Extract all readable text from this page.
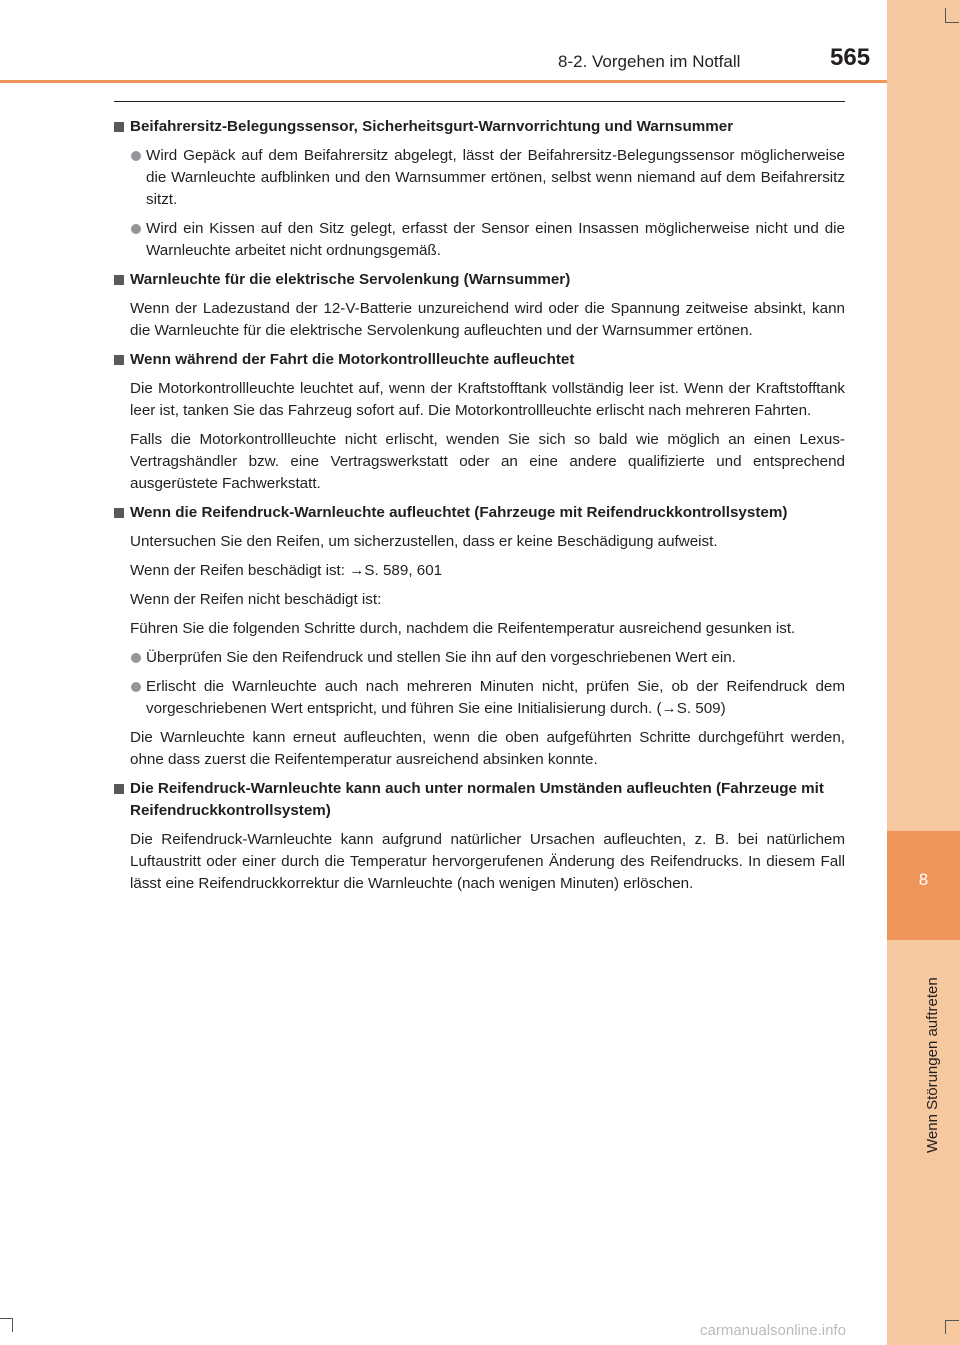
8
Wenn Störungen auftreten
8-2. Vorgehen im Notfall	565
Beifahrersitz-Belegungssensor, Sicherheitsgurt-Warnvorrichtung und Warnsummer
Wird Gepäck auf dem Beifahrersitz abgelegt, lässt der Beifahrersitz-Belegungssensor möglicherweise die Warnleuchte aufblinken und den Warnsummer ertönen, selbst wenn niemand auf dem Beifahrersitz sitzt.
Wird ein Kissen auf den Sitz gelegt, erfasst der Sensor einen Insassen möglicherweise nicht und die Warnleuchte arbeitet nicht ordnungsgemäß.
Warnleuchte für die elektrische Servolenkung (Warnsummer)
Wenn der Ladezustand der 12-V-Batterie unzureichend wird oder die Spannung zeitweise absinkt, kann die Warnleuchte für die elektrische Servolenkung aufleuchten und der Warnsummer ertönen.
Wenn während der Fahrt die Motorkontrollleuchte aufleuchtet
Die Motorkontrollleuchte leuchtet auf, wenn der Kraftstofftank vollständig leer ist. Wenn der Kraftstofftank leer ist, tanken Sie das Fahrzeug sofort auf. Die Motorkontrollleuchte erlischt nach mehreren Fahrten.
Falls die Motorkontrollleuchte nicht erlischt, wenden Sie sich so bald wie möglich an einen Lexus-Vertragshändler bzw. eine Vertragswerkstatt oder an eine andere qualifizierte und entsprechend ausgerüstete Fachwerkstatt.
Wenn die Reifendruck-Warnleuchte aufleuchtet (Fahrzeuge mit Reifendruckkontrollsystem)
Untersuchen Sie den Reifen, um sicherzustellen, dass er keine Beschädigung aufweist.
Wenn der Reifen beschädigt ist: →S. 589, 601
Wenn der Reifen nicht beschädigt ist:
Führen Sie die folgenden Schritte durch, nachdem die Reifentemperatur ausreichend gesunken ist.
Überprüfen Sie den Reifendruck und stellen Sie ihn auf den vorgeschriebenen Wert ein.
Erlischt die Warnleuchte auch nach mehreren Minuten nicht, prüfen Sie, ob der Reifendruck dem vorgeschriebenen Wert entspricht, und führen Sie eine Initialisierung durch. (→S. 509)
Die Warnleuchte kann erneut aufleuchten, wenn die oben aufgeführten Schritte durchgeführt werden, ohne dass zuerst die Reifentemperatur ausreichend absinken konnte.
Die Reifendruck-Warnleuchte kann auch unter normalen Umständen aufleuchten (Fahrzeuge mit Reifendruckkontrollsystem)
Die Reifendruck-Warnleuchte kann aufgrund natürlicher Ursachen aufleuchten, z. B. bei natürlichem Luftaustritt oder einer durch die Temperatur hervorgerufenen Änderung des Reifendrucks. In diesem Fall lässt eine Reifendruckkorrektur die Warnleuchte (nach wenigen Minuten) erlöschen.
carmanualsonline.info
